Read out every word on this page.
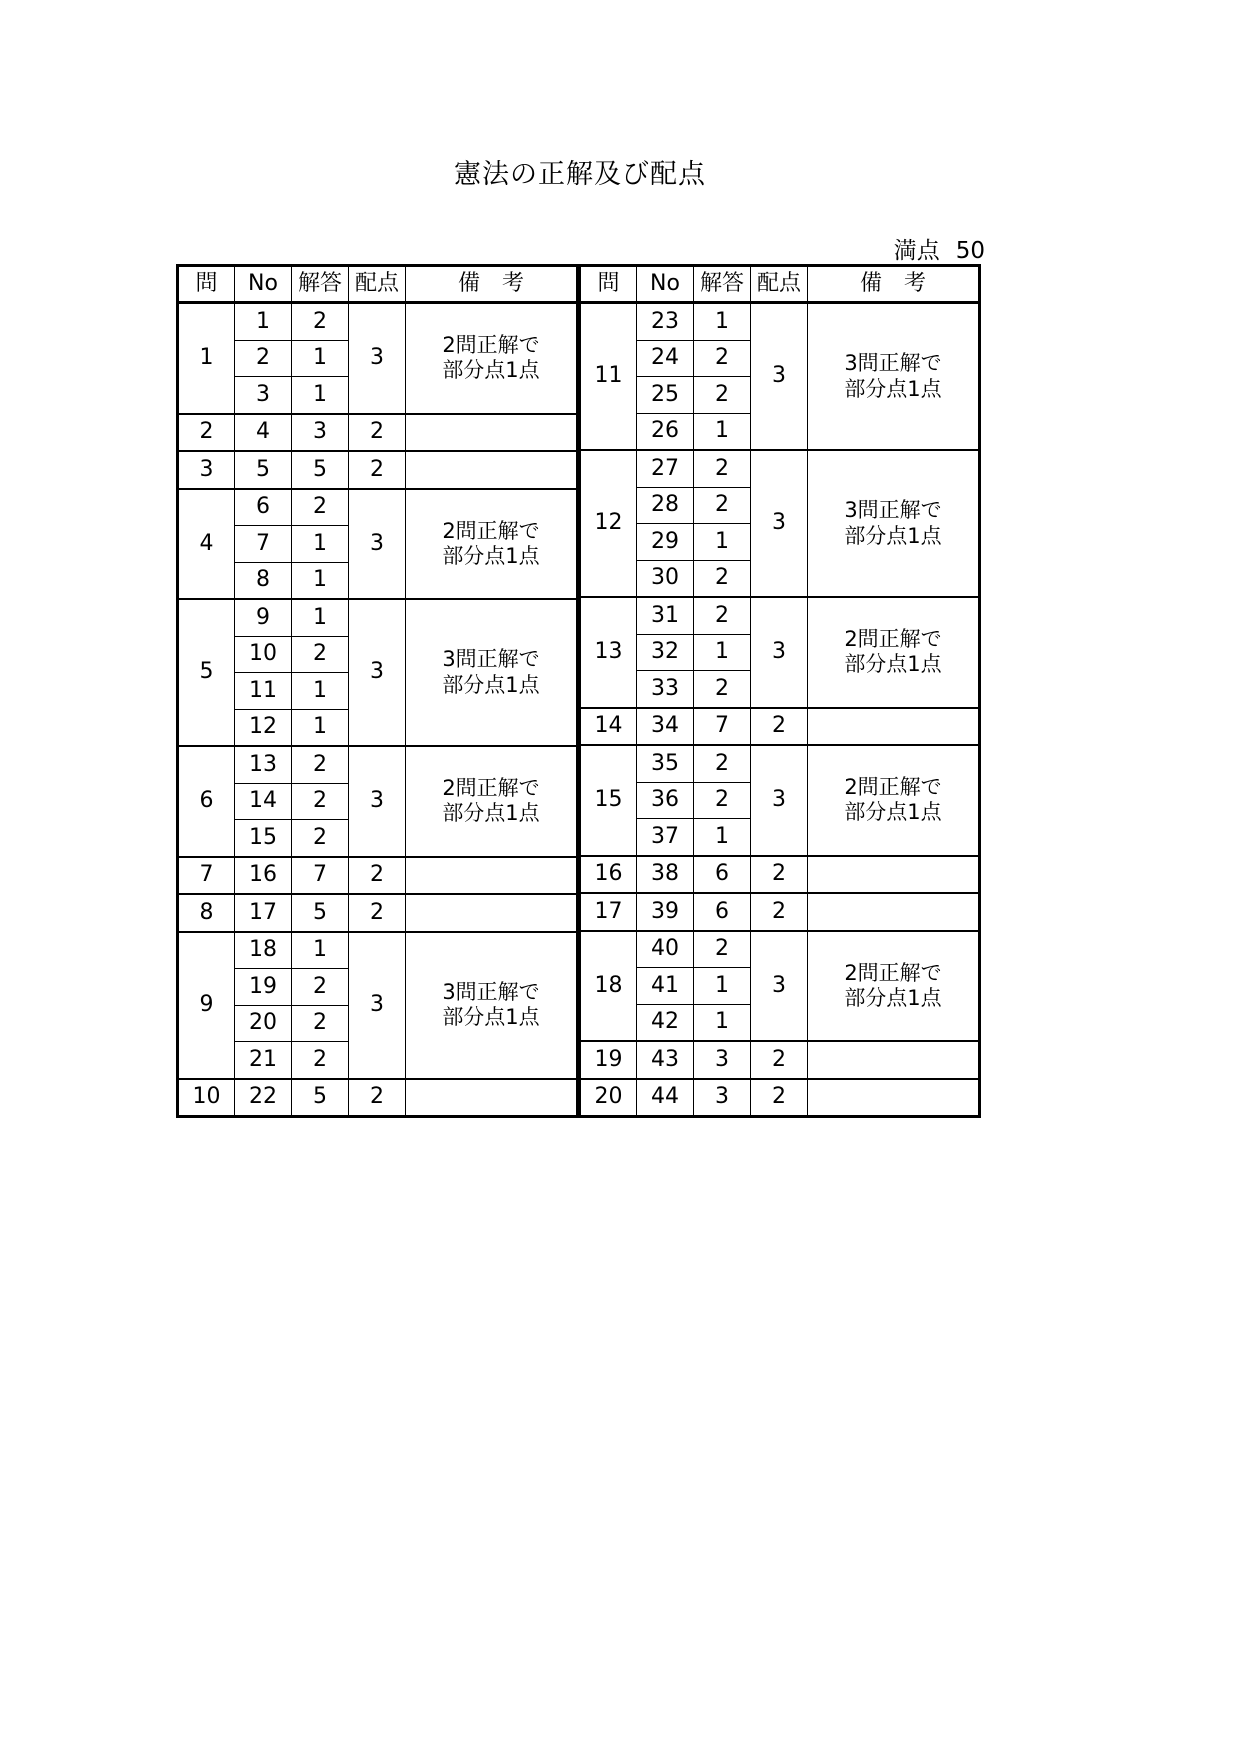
憲法の正解及び配点
満点 50
問	No	解答	配点	備　考
1	1	2	3	2問正解で
部分点1点

	2	1		
	3	1		
2	4	3	2	
3	5	5	2	
4	6	2	3	2問正解で
部分点1点

	7	1		
	8	1		
5	9	1	3	3問正解で
部分点1点

	10	2		
	11	1		
	12	1		
6	13	2	3	2問正解で
部分点1点

	14	2		
	15	2		
7	16	7	2	
8	17	5	2	
9	18	1	3	3問正解で
部分点1点

	19	2		
	20	2		
	21	2		
10	22	5	2	
問	No	解答	配点	備　考
11	23	1	3	3問正解で
部分点1点

	24	2		
	25	2		
	26	1		
12	27	2	3	3問正解で
部分点1点

	28	2		
	29	1		
	30	2		
13	31	2	3	2問正解で
部分点1点

	32	1		
	33	2		
14	34	7	2	
15	35	2	3	2問正解で
部分点1点

	36	2		
	37	1		
16	38	6	2	
17	39	6	2	
18	40	2	3	2問正解で
部分点1点

	41	1		
	42	1		
19	43	3	2	
20	44	3	2	
